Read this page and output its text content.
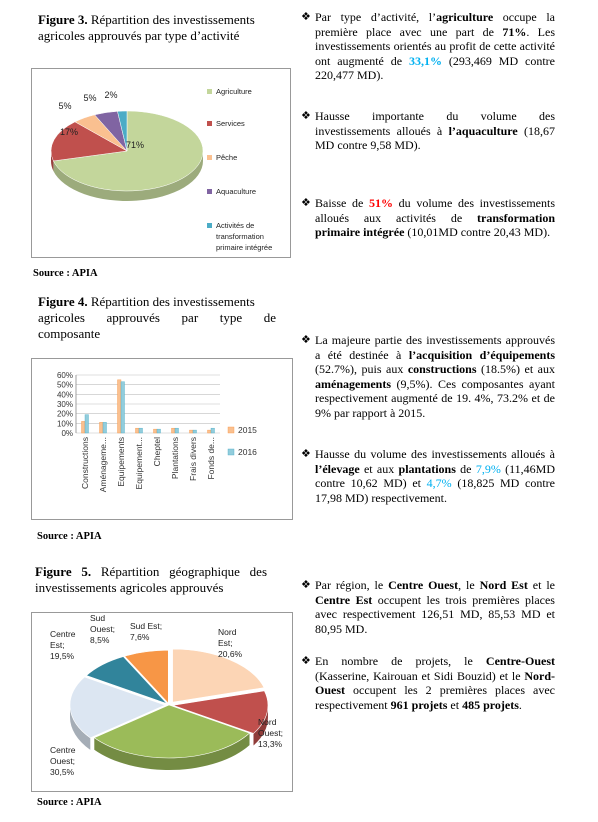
Figure 3. Répartition des investissements agricoles approuvés par type d’activité
71%
17%
5%
5% 2%	Agriculture
Services
Pêche
Aquaculture
Activités de
transformation
primaire intégrée
Source : APIA
Figure 4. Répartition des investissements
agricoles approuvés par type de
composante
60%
50%
40%
30%
20%
10%
0%
Constructions Aménageme... Equipements Equipement... Cheptel Plantations Frais divers Fonds de...
2015
2016
Source : APIA
Figure 5. Répartition géographique des
investissements agricoles approuvés
Nord
Est;
20,6%
Nord
Ouest;
13,3%
Centre
Ouest;
30,5%
Centre
Est;
19,5%
Sud
Ouest;
8,5%
Sud Est;
7,6%
Source : APIA
❖ Par type d’activité, l’agriculture occupe la première place avec une part de 71%. Les investissements orientés au profit de cette activité ont augmenté de 33,1% (293,469 MD contre 220,477 MD).
❖ Hausse importante du volume des investissements alloués à l’aquaculture (18,67 MD contre 9,58 MD).
❖ Baisse de 51% du volume des investissements alloués aux activités de transformation primaire intégrée (10,01MD contre 20,43 MD).
❖ La majeure partie des investissements approuvés a été destinée à l’acquisition d’équipements (52.7%), puis aux constructions (18.5%) et aux aménagements (9,5%). Ces composantes ayant respectivement augmenté de 19. 4%, 73.2% et de 9% par rapport à 2015.
❖ Hausse du volume des investissements alloués à l’élevage et aux plantations de 7,9% (11,46MD contre 10,62 MD) et 4,7% (18,825 MD contre 17,98 MD) respectivement.
❖ Par région, le Centre Ouest, le Nord Est et le Centre Est occupent les trois premières places avec respectivement 126,51 MD, 85,53 MD et 80,95 MD.
❖ En nombre de projets, le Centre-Ouest (Kasserine, Kairouan et Sidi Bouzid) et le Nord- Ouest occupent les 2 premières places avec respectivement 961 projets et 485 projets.
